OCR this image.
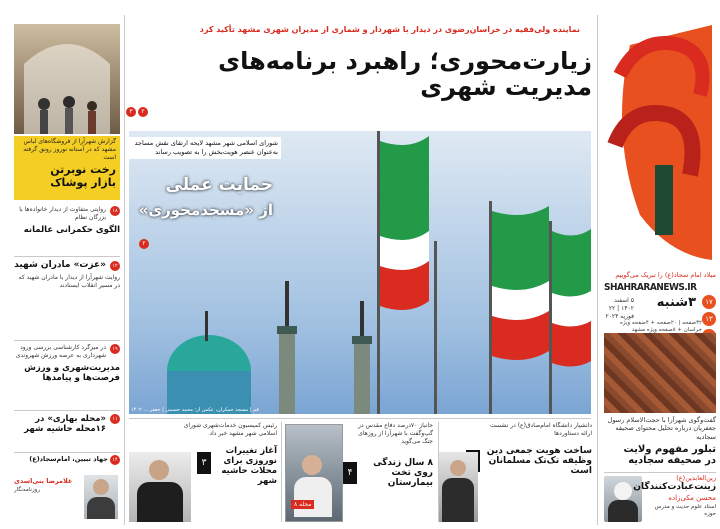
شهرآرا
میلاد امام سجاد(ع) را تبریک می‌گوییم
SHAHRARANEWS.IR
۳شنبه
۵ اسفند ۱۴۰۲ | ۲۲ فوریه ۲۰۲۴
۱۷
۱۳
۳۲صفحه | ۲۰صفحه + ۴صفحه ویژه خراسان + ۸صفحه ویژه مشهد
گفت‌وگوی شهرآرا با حجت‌الاسلام رسول جعفریان درباره تحلیل محتوای صحیفه سجادیه
تبلور مفهوم ولایت
در صحیفه سجادیه
زین‌العابدین(ع)
زینت‌عبادت‌کنندگان
محسن مکی‌زاده
استاد علوم حدیث و مدرس حوزه
نماینده ولی‌فقیه در خراسان‌رضوی در دیدار با شهردار و شماری از مدیران شهری مشهد تأکید کرد
زیارت‌محوری؛ راهبرد برنامه‌های مدیریت شهری
۲
۳
شورای اسلامی شهر مشهد لایحه ارتقای نقش مساجد به‌عنوان عنصر هویت‌بخش را به تصویب رساند
حمایت عملی
از «مسجدمحوری»
۲
قم | مسجد جمکران، عکس از: محمد حسینی | جعفر ... ۱۴۰۲
گزارش شهرآرا از فروشگاه‌های لباس مشهد که در آستانه نوروز رونق گرفته است
رخت نوبرتن
بازار پوشاک
روایتی متفاوت از دیدار خانواده‌ها با بزرگان نظام
الگوی حکمرانی عالمانه
۱۸
«عزت» مادران شهید
روایت شهرآرا از دیدار با مادران شهید که در مسیر انقلاب ایستادند
۱۲
در میزگرد کارشناسی بررسی ورود شهرداری به عرصه ورزش شهروندی
مدیریت‌شهری و ورزش فرصت‌ها و پیامدها
۱۹
«محله بهاری» در ۱۶محله حاشیه شهر
۱۱
جهاد تبیین، امام‌سجاد(ع) ۱۴
غلامرضا بنی‌اسدی
روزنامه‌نگار
دانشیار دانشگاه امام‌صادق(ع) در نشست ارائه دستاوردها
ساخت هویت جمعی دین وظیفه تک‌تک مسلمانان است
محله ۸
جانباز ۷۰درصد دفاع مقدس در گپ‌وگفت با شهرآرا از روزهای جنگ می‌گوید
۸ سال زندگی روی تخت بیمارستان
۴
رئیس کمیسیون خدمات‌شهری شورای اسلامی شهر مشهد خبر داد
آغاز تغییرات نوروزی برای محلات حاشیه شهر
۳
